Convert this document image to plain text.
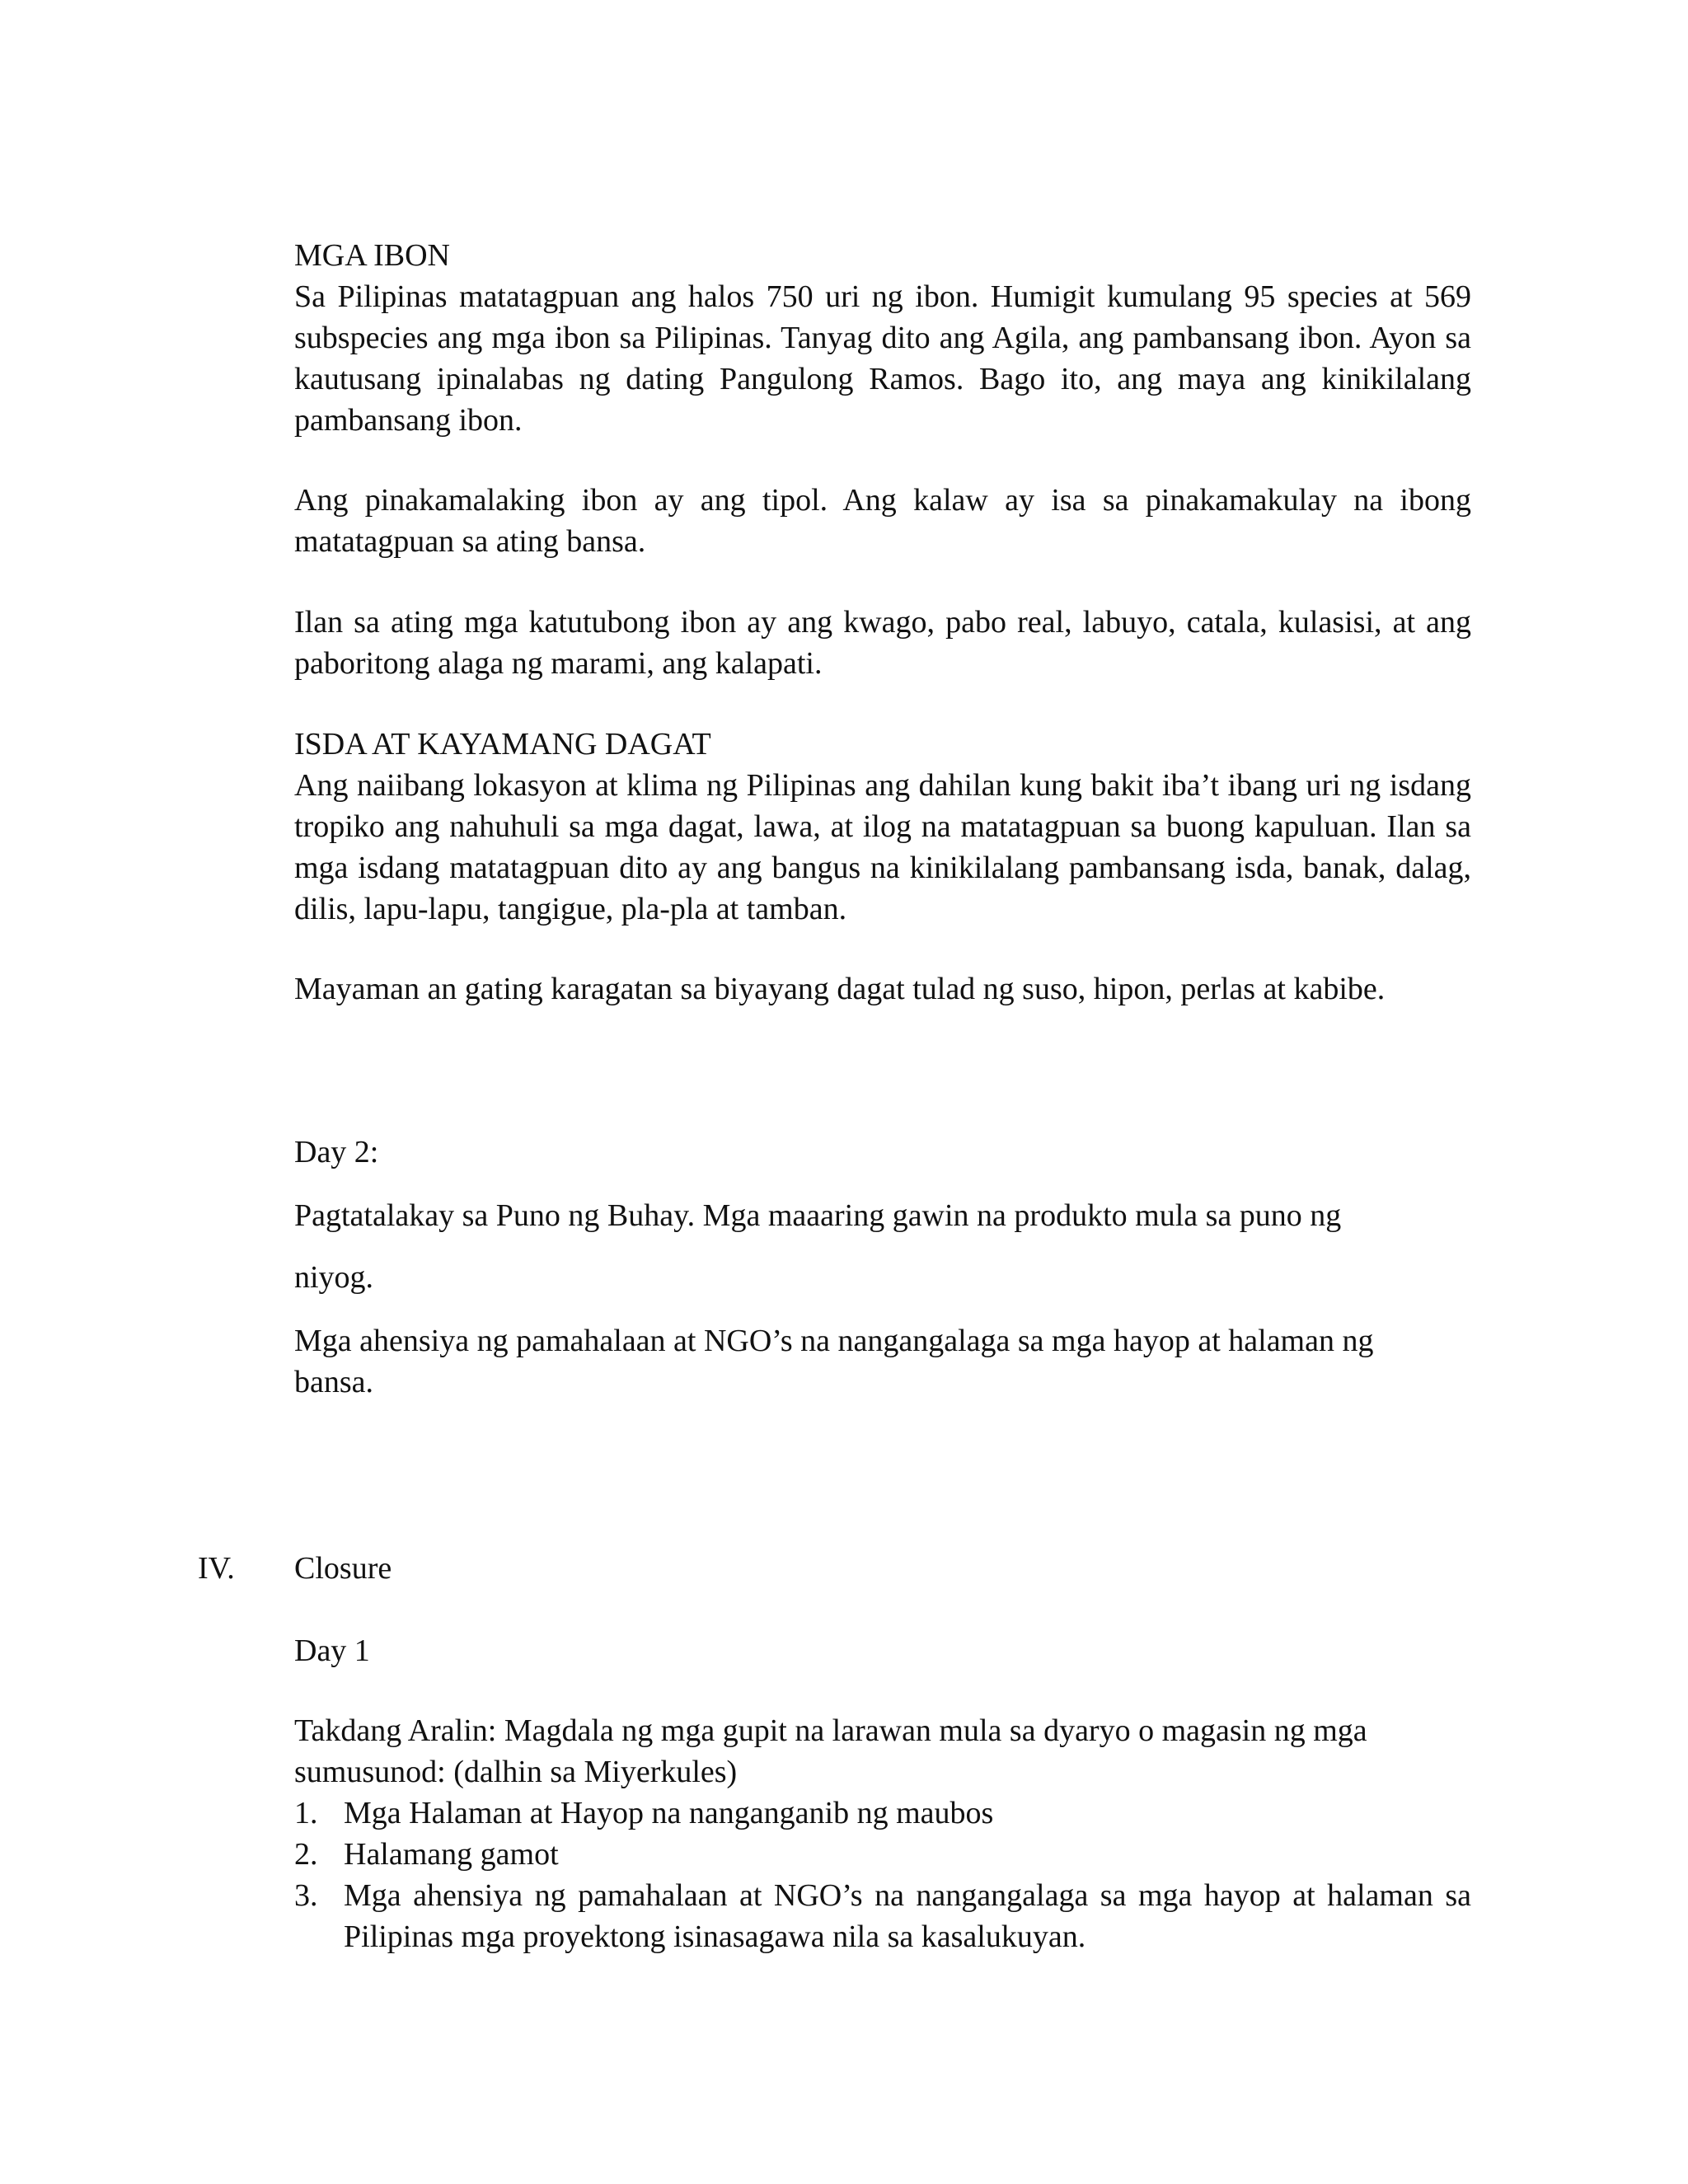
MGA IBON
Sa Pilipinas matatagpuan ang halos 750 uri ng ibon. Humigit kumulang 95 species at 569 subspecies ang mga ibon sa Pilipinas. Tanyag dito ang Agila, ang pambansang ibon. Ayon sa kautusang ipinalabas ng dating Pangulong Ramos. Bago ito, ang maya ang kinikilalang pambansang ibon.

Ang pinakamalaking ibon ay ang tipol. Ang kalaw ay isa sa pinakamakulay na ibong matatagpuan sa ating bansa.

Ilan sa ating mga katutubong ibon ay ang kwago, pabo real, labuyo, catala, kulasisi, at ang paboritong alaga ng marami, ang kalapati.

ISDA AT KAYAMANG DAGAT
Ang naiibang lokasyon at klima ng Pilipinas ang dahilan kung bakit iba’t ibang uri ng isdang tropiko ang nahuhuli sa mga dagat, lawa, at ilog na matatagpuan sa buong kapuluan. Ilan sa mga isdang matatagpuan dito ay ang bangus na kinikilalang pambansang isda, banak, dalag, dilis, lapu-lapu, tangigue, pla-pla at tamban.

Mayaman an gating karagatan sa biyayang dagat tulad ng suso, hipon, perlas at kabibe.

Day 2:

Pagtatalakay sa Puno ng Buhay. Mga maaaring gawin na produkto mula sa puno ng

niyog.

Mga ahensiya ng pamahalaan at NGO’s na nangangalaga sa mga hayop at halaman ng bansa.

IV. Closure

Day 1

Takdang Aralin: Magdala ng mga gupit na larawan mula sa dyaryo o magasin ng mga sumusunod: (dalhin sa Miyerkules)

1. Mga Halaman at Hayop na nanganganib ng maubos
2. Halamang gamot
3. Mga ahensiya ng pamahalaan at NGO’s na nangangalaga sa mga hayop at halaman sa Pilipinas mga proyektong isinasagawa nila sa kasalukuyan.
